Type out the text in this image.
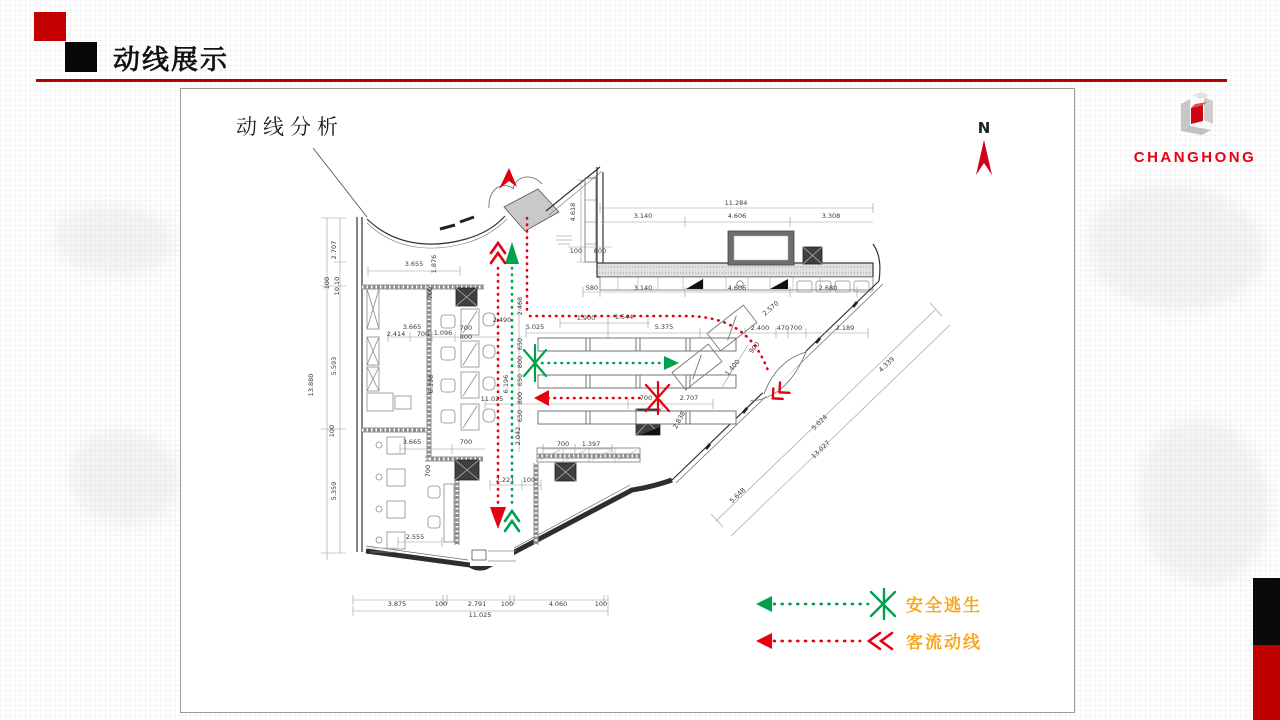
动线展示
动线分析	N
11.284
3.140	4.606	3.308
4.618
100 800
580	3.140	4.606	2.680
2.707
100 10.10
5.593
13.880
100
5.359
3.655 1.876
3.665
2.414 700 1.096
700
800
700
2.490
5.025
1.900	1.544
5.375
6.196	6.196
2.468
650
800
650
800
650
2.042
11.025	700	2.707
2.838
2.570
2.400 470 700	2.189
900
1.400	4.339
5.024
13.027
5.648
3.665	700	700 1.397
700
2.221 100
2.555
3.875	100	2.791 100	4.060	100
11.025	安全逃生
客流动线
CHANGHONG
